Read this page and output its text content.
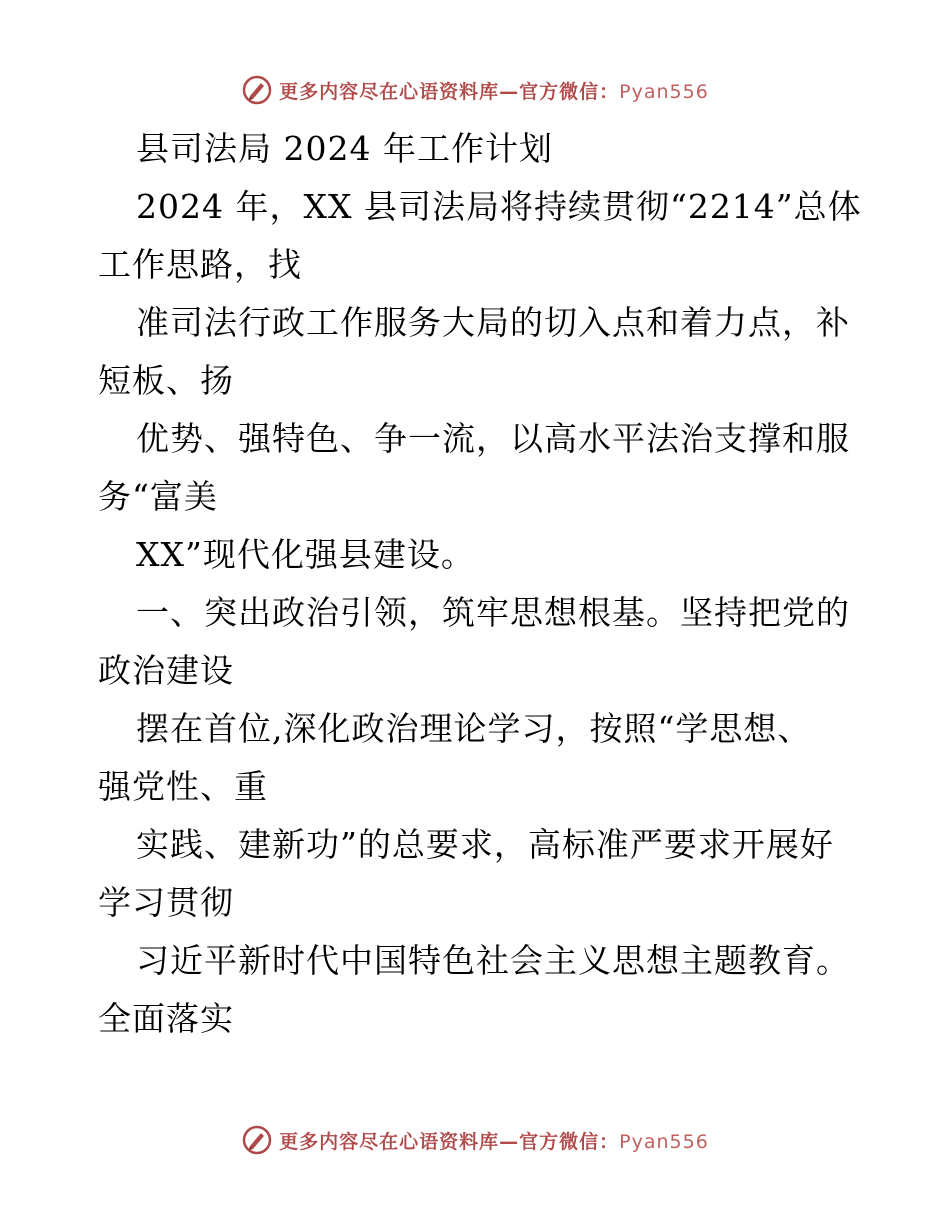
更多内容尽在心语资料库—官方微信：Pyan556
县司法局 2024 年工作计划
2024 年，XX 县司法局将持续贯彻“2214”总体
工作思路，找
准司法行政工作服务大局的切入点和着力点，补
短板、扬
优势、强特色、争一流，以高水平法治支撑和服
务“富美
XX”现代化强县建设。
一、突出政治引领，筑牢思想根基。坚持把党的
政治建设
摆在首位,深化政治理论学习，按照“学思想、
强党性、重
实践、建新功”的总要求，高标准严要求开展好
学习贯彻
习近平新时代中国特色社会主义思想主题教育。
全面落实
更多内容尽在心语资料库—官方微信：Pyan556
